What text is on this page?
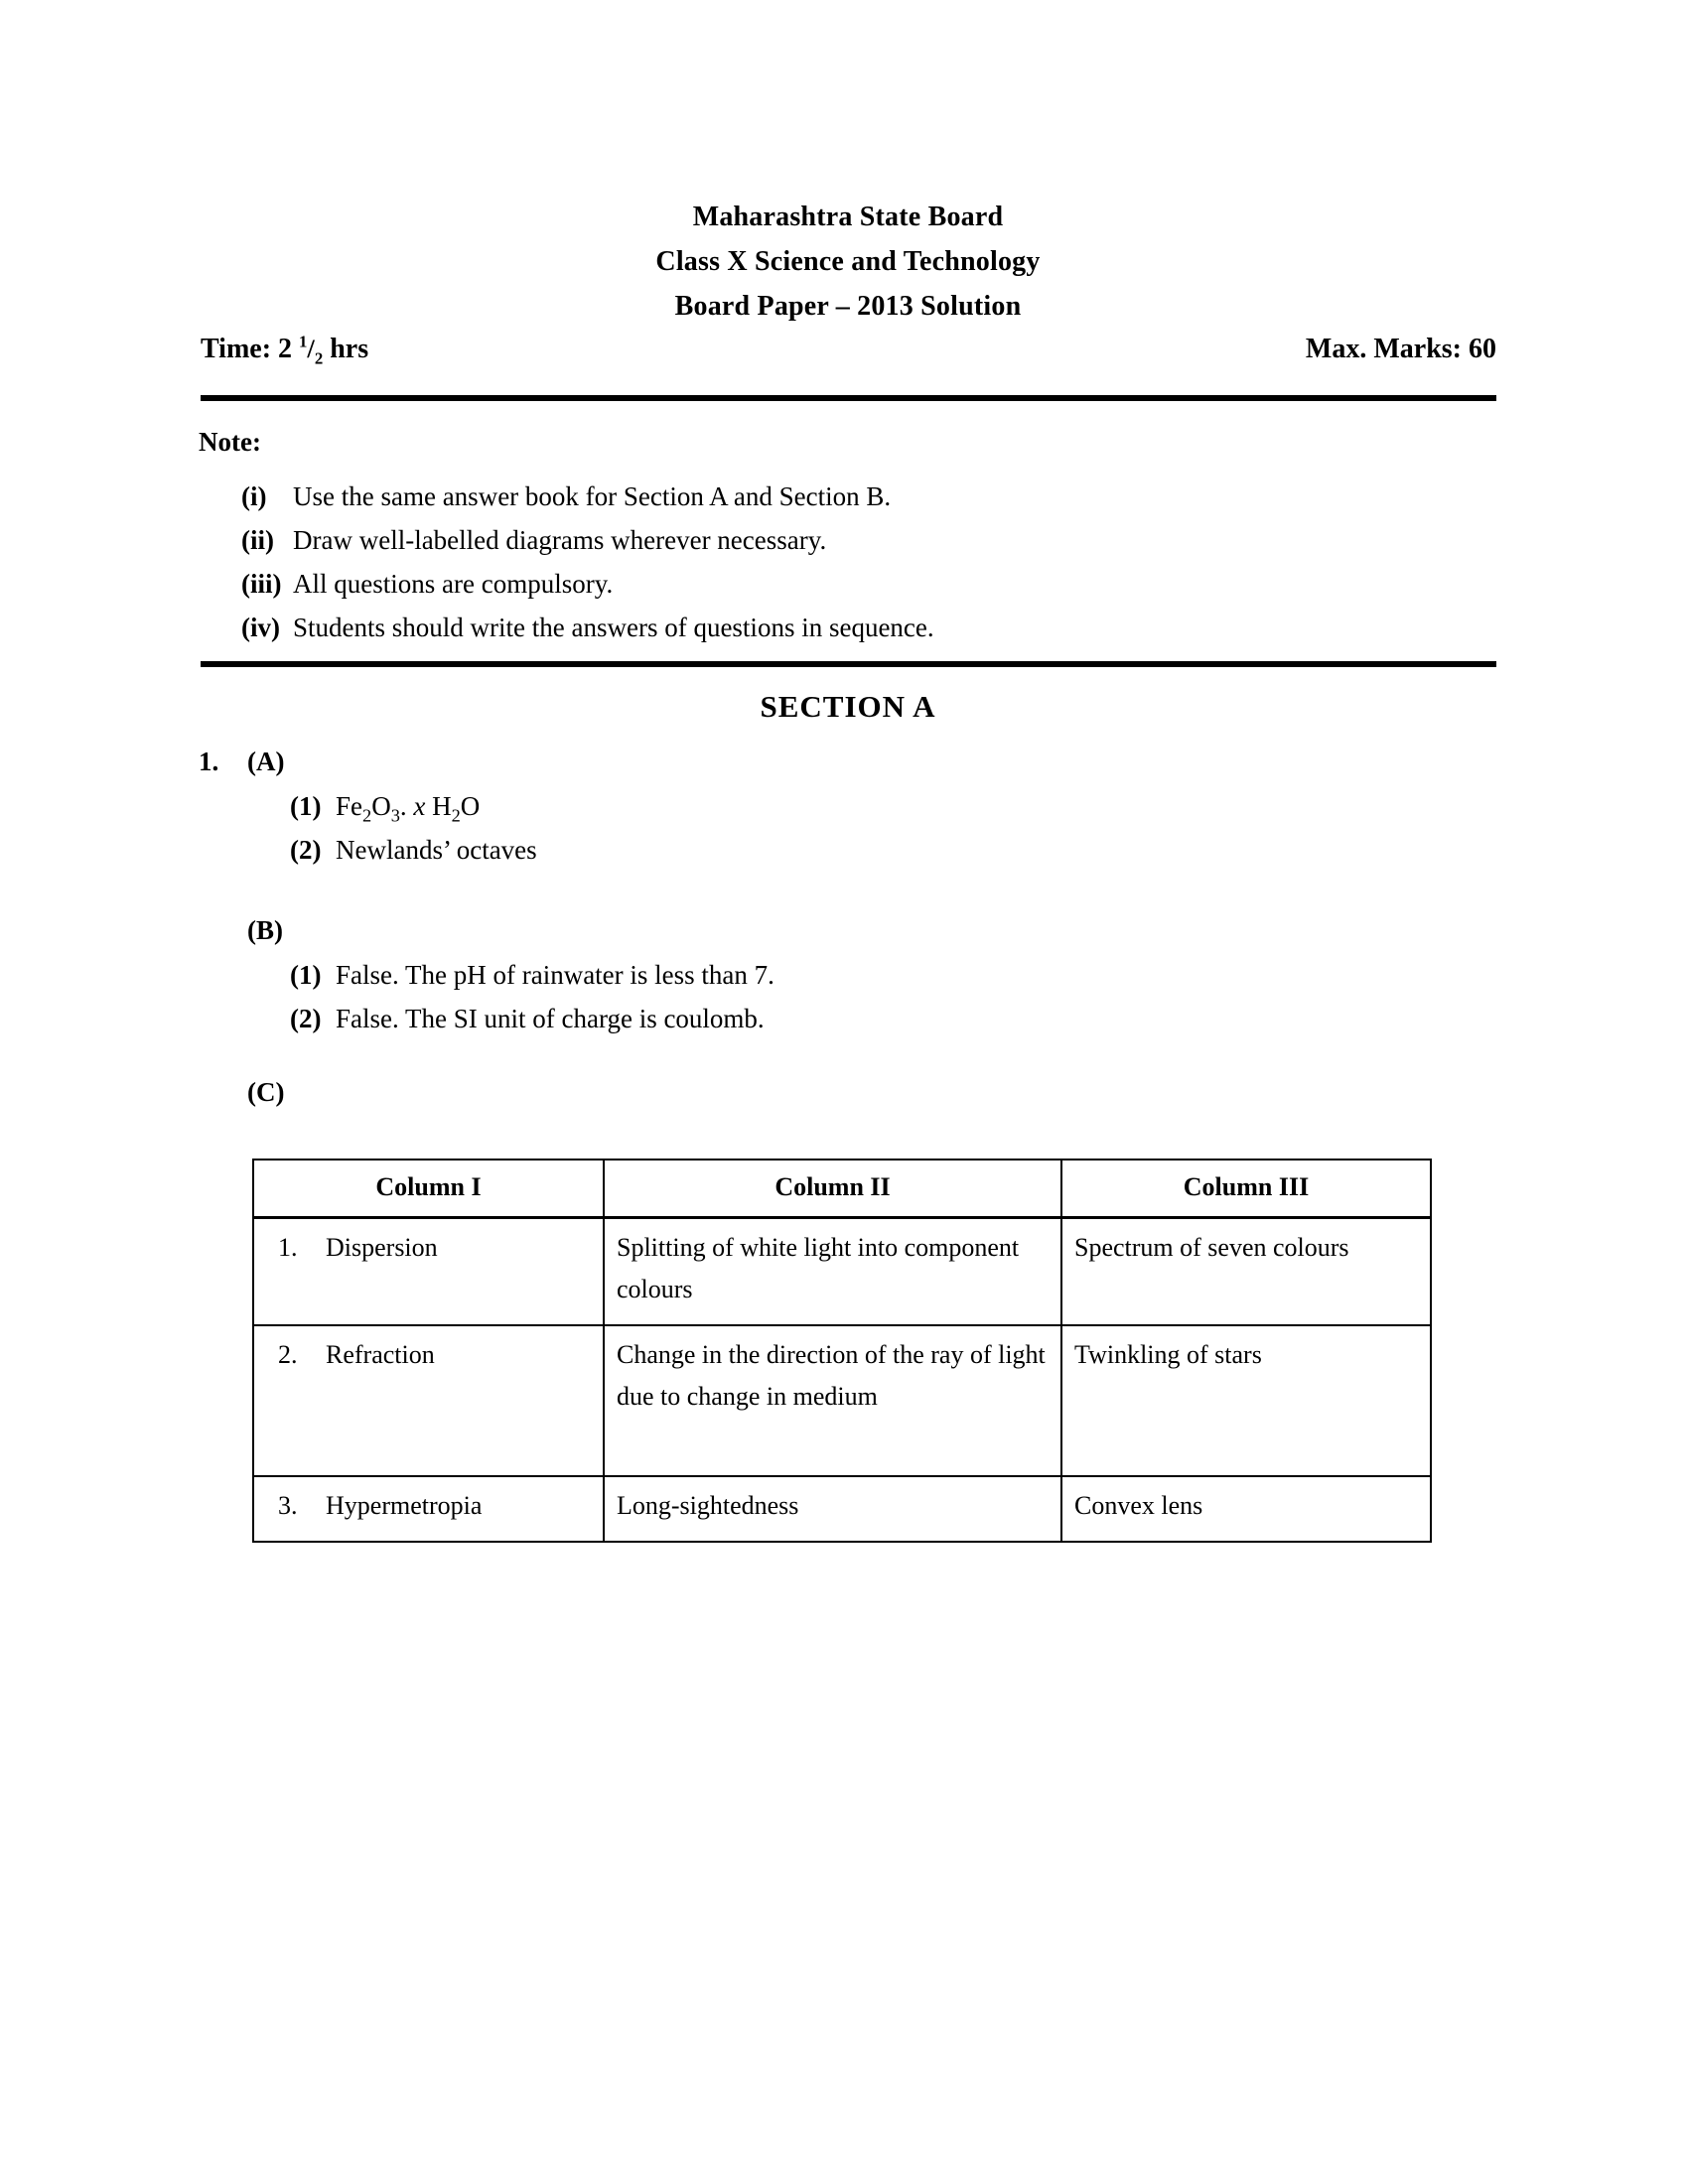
Maharashtra State Board
Class X Science and Technology
Board Paper – 2013 Solution
Time: 2 $^1/_2$ hrs	Max. Marks: 60
Note:
(i) Use the same answer book for Section A and Section B.
(ii) Draw well-labelled diagrams wherever necessary.
(iii) All questions are compulsory.
(iv) Students should write the answers of questions in sequence.
SECTION A
1. (A)
(1) $Fe_2O_3$. x $H_2O$
(2) Newlands’ octaves
(B)
(1) False. The pH of rainwater is less than 7.
(2) False. The SI unit of charge is coulomb.
(C)
Column I	Column II	Column III

1. Dispersion	Splitting of white light into component colours	Spectrum of seven colours

2. Refraction	Change in the direction of the ray of light due to change in medium	Twinkling of stars

3. Hypermetropia	Long-sightedness	Convex lens
